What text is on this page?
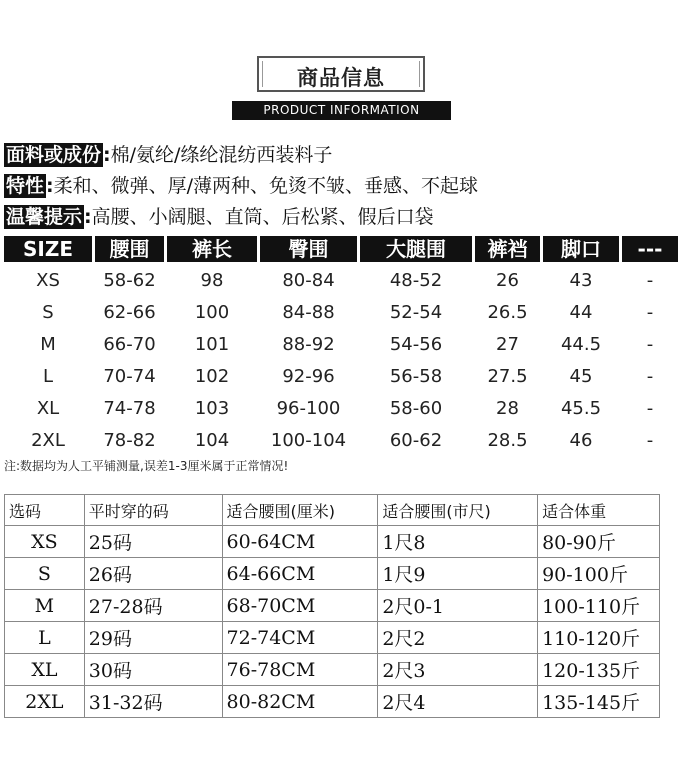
商品信息
PRODUCT INFORMATION
面料或成份 :棉/氨纶/绦纶混纺西装料子
特性 :柔和、微弹、厚/薄两种、免烫不皱、垂感、不起球
温馨提示 :高腰、小阔腿、直筒、后松紧、假后口袋
SIZE	腰围	裤长	臀围	大腿围	裤裆	脚口	---
XS	58-62	98	80-84	48-52	26	43	-
S	62-66	100	84-88	52-54	26.5	44	-
M	66-70	101	88-92	54-56	27	44.5	-
L	70-74	102	92-96	56-58	27.5	45	-
XL	74-78	103	96-100	58-60	28	45.5	-
2XL	78-82	104	100-104	60-62	28.5	46	-
注:数据均为人工平铺测量,误差1-3厘米属于正常情况!
选码	平时穿的码	适合腰围(厘米)	适合腰围(市尺)	适合体重
XS	25码	60-64CM	1尺8	80-90斤
S	26码	64-66CM	1尺9	90-100斤
M	27-28码	68-70CM	2尺0-1	100-110斤
L	29码	72-74CM	2尺2	110-120斤
XL	30码	76-78CM	2尺3	120-135斤
2XL	31-32码	80-82CM	2尺4	135-145斤
